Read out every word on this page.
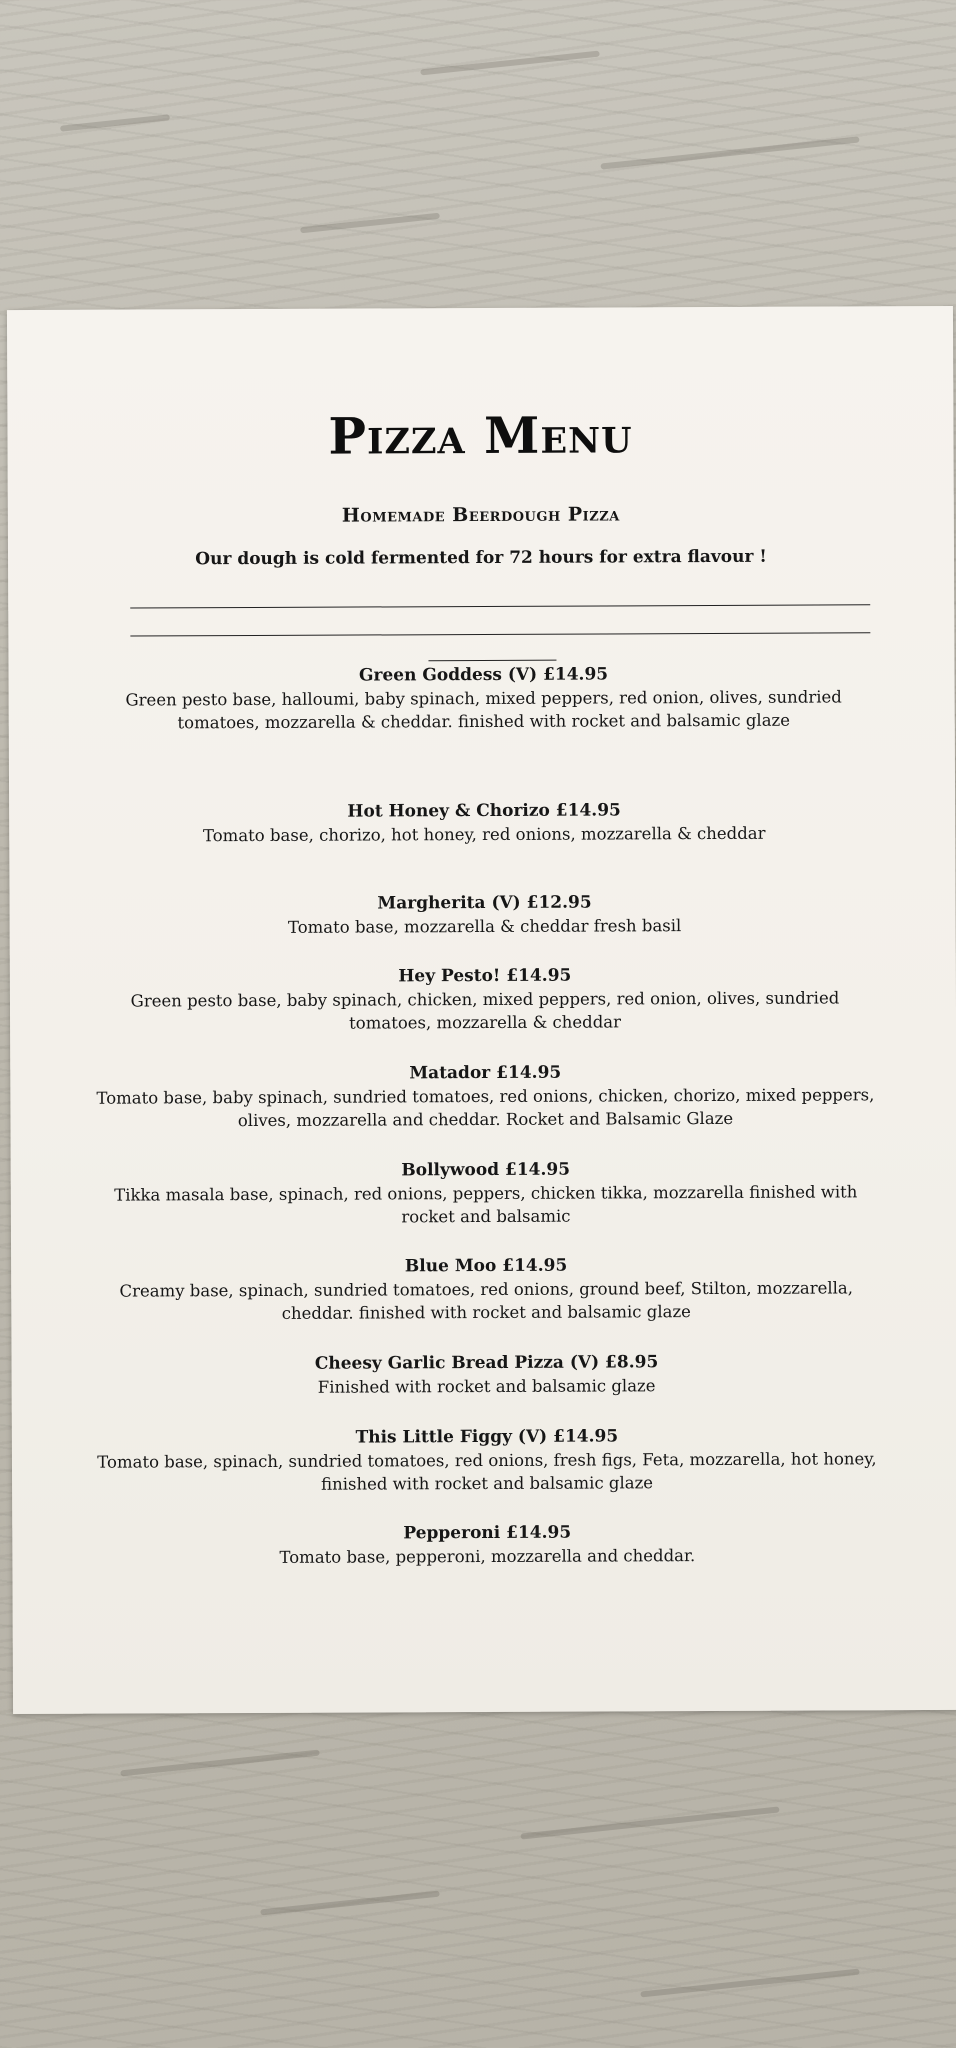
Pizza Menu
Homemade Beerdough Pizza
Our dough is cold fermented for 72 hours for extra flavour !
Green Goddess (V) £14.95
Green pesto base, halloumi, baby spinach, mixed peppers, red onion, olives, sundried tomatoes, mozzarella & cheddar. finished with rocket and balsamic glaze
Hot Honey & Chorizo £14.95
Tomato base, chorizo, hot honey, red onions, mozzarella & cheddar
Margherita (V) £12.95
Tomato base, mozzarella & cheddar fresh basil
Hey Pesto! £14.95
Green pesto base, baby spinach, chicken, mixed peppers, red onion, olives, sundried tomatoes, mozzarella & cheddar
Matador £14.95
Tomato base, baby spinach, sundried tomatoes, red onions, chicken, chorizo, mixed peppers, olives, mozzarella and cheddar. Rocket and Balsamic Glaze
Bollywood £14.95
Tikka masala base, spinach, red onions, peppers, chicken tikka, mozzarella finished with rocket and balsamic
Blue Moo £14.95
Creamy base, spinach, sundried tomatoes, red onions, ground beef, Stilton, mozzarella, cheddar. finished with rocket and balsamic glaze
Cheesy Garlic Bread Pizza (V) £8.95
Finished with rocket and balsamic glaze
This Little Figgy (V) £14.95
Tomato base, spinach, sundried tomatoes, red onions, fresh figs, Feta, mozzarella, hot honey, finished with rocket and balsamic glaze
Pepperoni £14.95
Tomato base, pepperoni, mozzarella and cheddar.
